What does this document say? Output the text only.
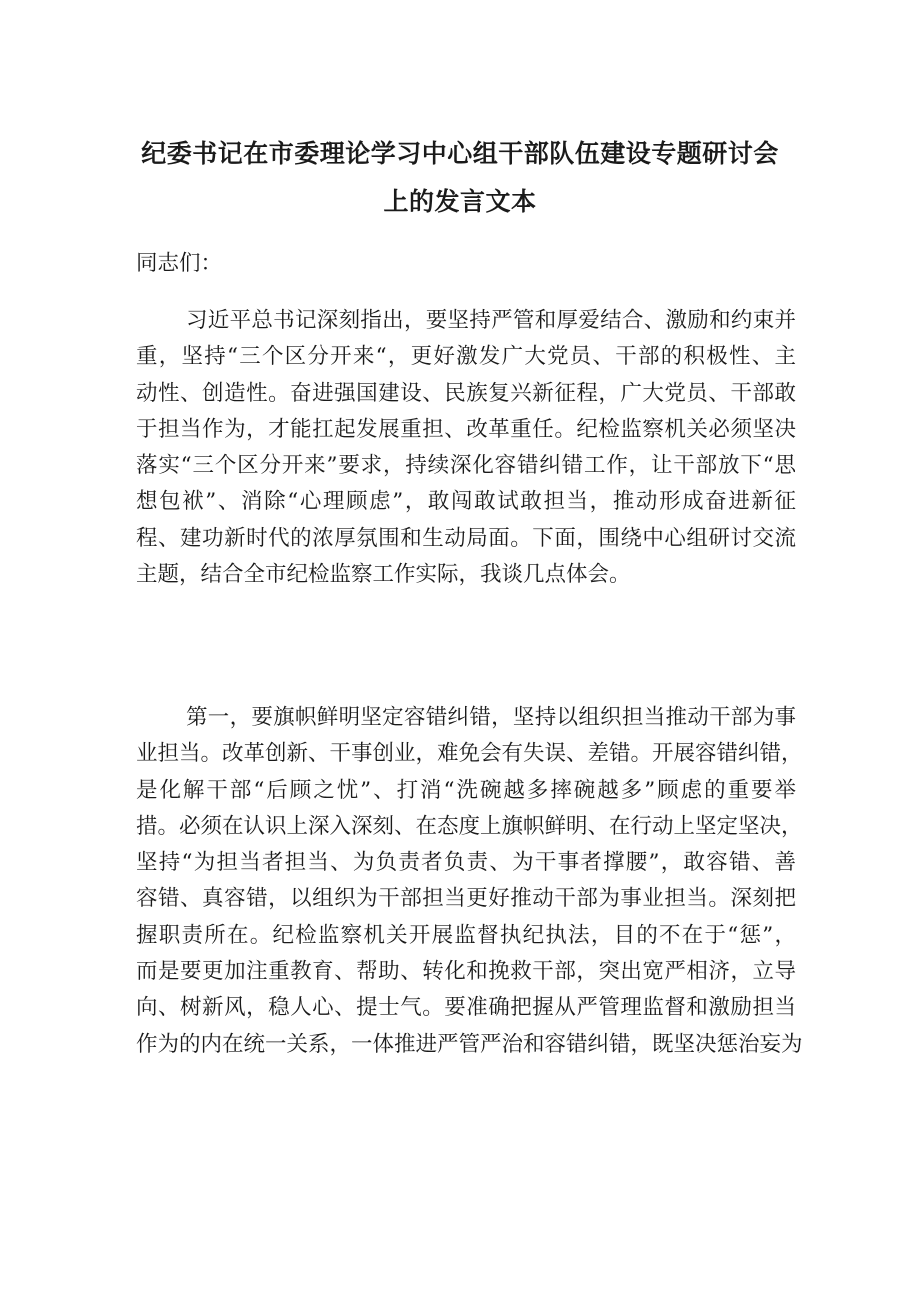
纪委书记在市委理论学习中心组干部队伍建设专题研讨会
上的发言文本
同志们：
习近平总书记深刻指出，要坚持严管和厚爱结合、激励和约束并
重，坚持“三个区分开来“，更好激发广大党员、干部的积极性、主
动性、创造性。奋进强国建设、民族复兴新征程，广大党员、干部敢
于担当作为，才能扛起发展重担、改革重任。纪检监察机关必须坚决
落实“三个区分开来”要求，持续深化容错纠错工作，让干部放下“思
想包袱”、消除“心理顾虑”，敢闯敢试敢担当，推动形成奋进新征
程、建功新时代的浓厚氛围和生动局面。下面，围绕中心组研讨交流
主题，结合全市纪检监察工作实际，我谈几点体会。
第一，要旗帜鲜明坚定容错纠错，坚持以组织担当推动干部为事
业担当。改革创新、干事创业，难免会有失误、差错。开展容错纠错，
是化解干部“后顾之忧”、打消“洗碗越多摔碗越多”顾虑的重要举
措。必须在认识上深入深刻、在态度上旗帜鲜明、在行动上坚定坚决，
坚持“为担当者担当、为负责者负责、为干事者撑腰”，敢容错、善
容错、真容错，以组织为干部担当更好推动干部为事业担当。深刻把
握职责所在。纪检监察机关开展监督执纪执法，目的不在于“惩”，
而是要更加注重教育、帮助、转化和挽救干部，突出宽严相济，立导
向、树新风，稳人心、提士气。要准确把握从严管理监督和激励担当
作为的内在统一关系，一体推进严管严治和容错纠错，既坚决惩治妄为
